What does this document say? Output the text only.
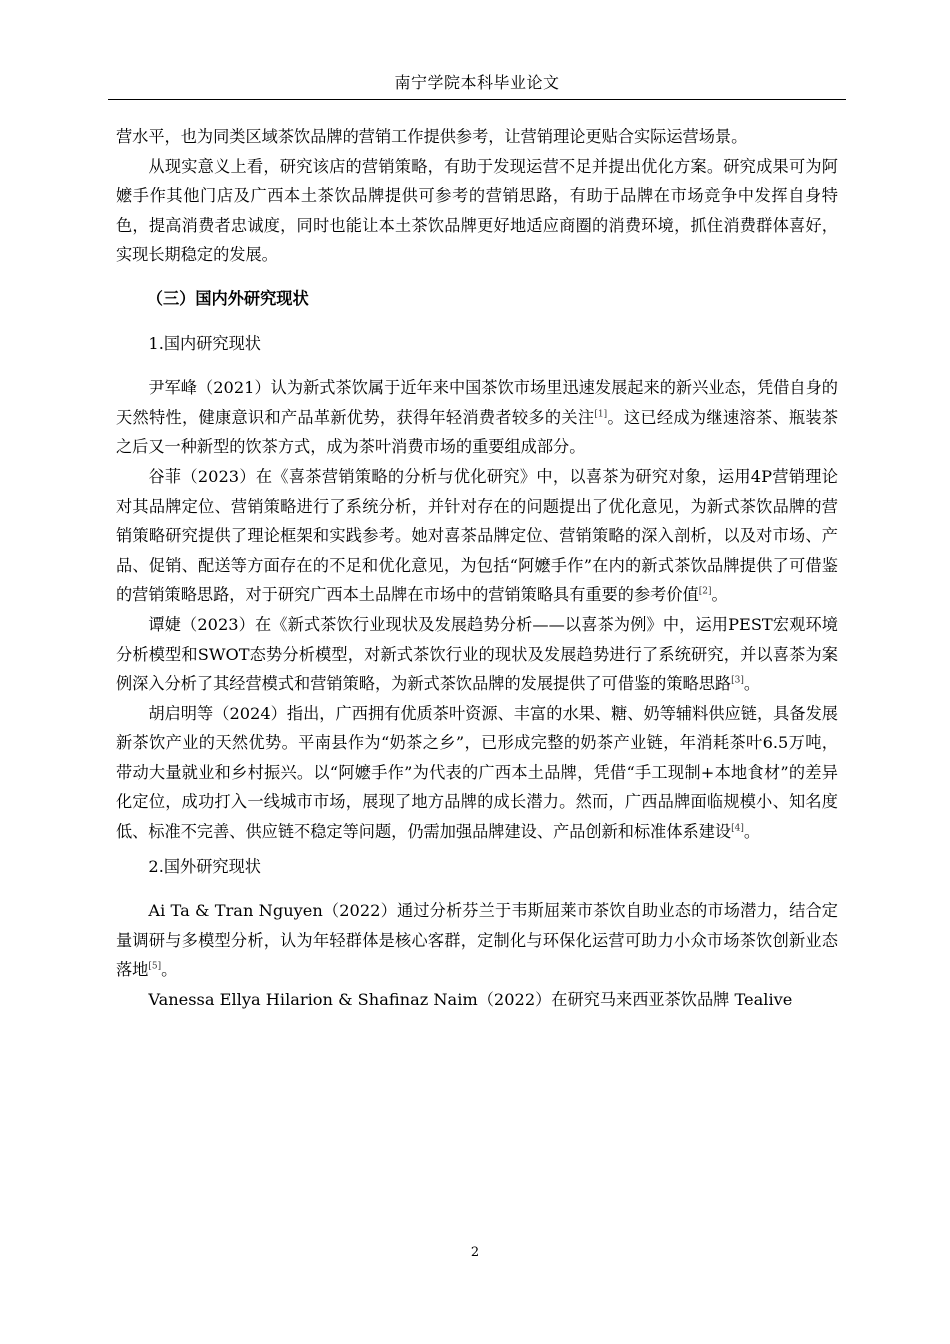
南宁学院本科毕业论文

营水平，也为同类区域茶饮品牌的营销工作提供参考，让营销理论更贴合实际运营场景。

从现实意义上看，研究该店的营销策略，有助于发现运营不足并提出优化方案。研究成果可为阿嬷手作其他门店及广西本土茶饮品牌提供可参考的营销思路，有助于品牌在市场竞争中发挥自身特色，提高消费者忠诚度，同时也能让本土茶饮品牌更好地适应商圈的消费环境，抓住消费群体喜好，实现长期稳定的发展。

（三）国内外研究现状

1.国内研究现状

尹军峰（2021）认为新式茶饮属于近年来中国茶饮市场里迅速发展起来的新兴业态，凭借自身的天然特性，健康意识和产品革新优势，获得年轻消费者较多的关注[1]。这已经成为继速溶茶、瓶装茶之后又一种新型的饮茶方式，成为茶叶消费市场的重要组成部分。

谷菲（2023）在《喜茶营销策略的分析与优化研究》中，以喜茶为研究对象，运用4P营销理论对其品牌定位、营销策略进行了系统分析，并针对存在的问题提出了优化意见，为新式茶饮品牌的营销策略研究提供了理论框架和实践参考。她对喜茶品牌定位、营销策略的深入剖析，以及对市场、产品、促销、配送等方面存在的不足和优化意见，为包括“阿嬷手作”在内的新式茶饮品牌提供了可借鉴的营销策略思路，对于研究广西本土品牌在市场中的营销策略具有重要的参考价值[2]。

谭婕（2023）在《新式茶饮行业现状及发展趋势分析——以喜茶为例》中，运用PEST宏观环境分析模型和SWOT态势分析模型，对新式茶饮行业的现状及发展趋势进行了系统研究，并以喜茶为案例深入分析了其经营模式和营销策略，为新式茶饮品牌的发展提供了可借鉴的策略思路[3]。

胡启明等（2024）指出，广西拥有优质茶叶资源、丰富的水果、糖、奶等辅料供应链，具备发展新茶饮产业的天然优势。平南县作为“奶茶之乡”，已形成完整的奶茶产业链，年消耗茶叶6.5万吨，带动大量就业和乡村振兴。以“阿嬷手作”为代表的广西本土品牌，凭借“手工现制+本地食材”的差异化定位，成功打入一线城市市场，展现了地方品牌的成长潜力。然而，广西品牌面临规模小、知名度低、标准不完善、供应链不稳定等问题，仍需加强品牌建设、产品创新和标准体系建设[4]。

2.国外研究现状

Ai Ta & Tran Nguyen（2022）通过分析芬兰于韦斯屈莱市茶饮自助业态的市场潜力，结合定量调研与多模型分析，认为年轻群体是核心客群，定制化与环保化运营可助力小众市场茶饮创新业态落地[5]。

Vanessa Ellya Hilarion & Shafinaz Naim（2022）在研究马来西亚茶饮品牌 Tealive

2
